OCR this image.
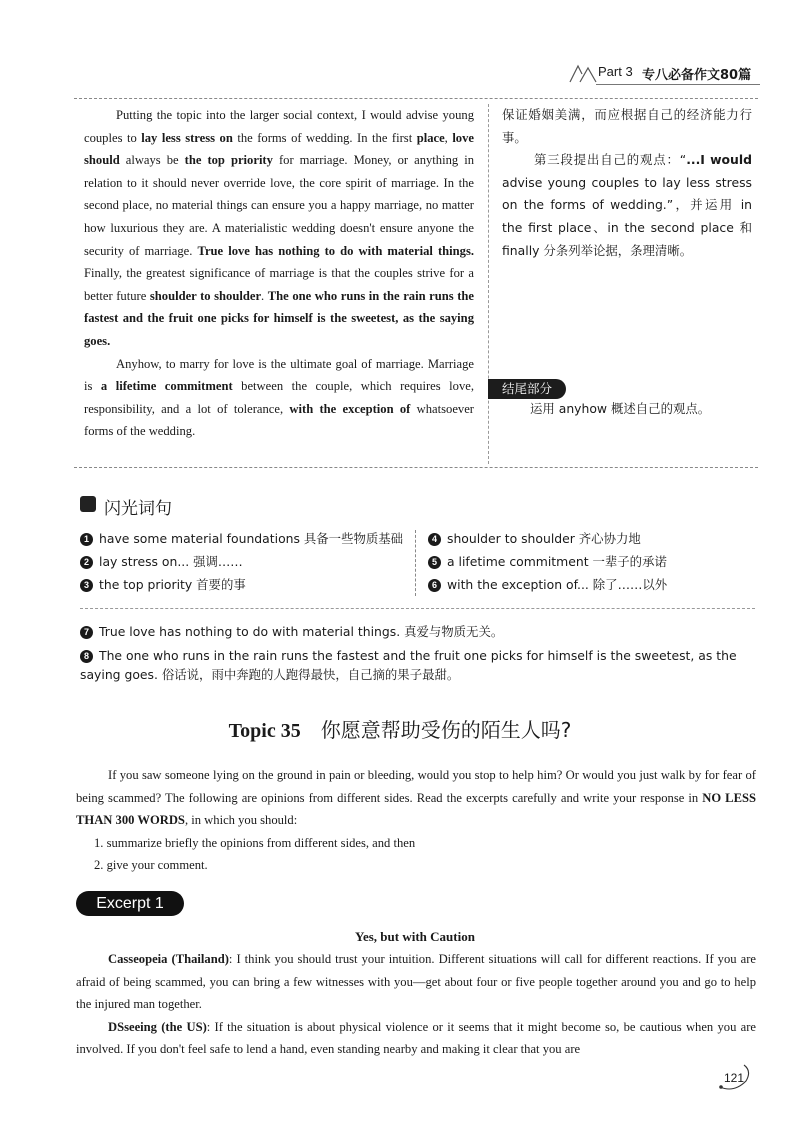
Part 3 专八必备作文80篇

Putting the topic into the larger social context, I would advise young couples to lay less stress on the forms of wedding. In the first place, love should always be the top priority for marriage. Money, or anything in relation to it should never override love, the core spirit of marriage. In the second place, no material things can ensure you a happy marriage, no matter how luxurious they are. A materialistic wedding doesn't ensure anyone the security of marriage. True love has nothing to do with material things. Finally, the greatest significance of marriage is that the couples strive for a better future shoulder to shoulder. The one who runs in the rain runs the fastest and the fruit one picks for himself is the sweetest, as the saying goes.

Anyhow, to marry for love is the ultimate goal of marriage. Marriage is a lifetime commitment between the couple, which requires love, responsibility, and a lot of tolerance, with the exception of whatsoever forms of the wedding.

保证婚姻美满，而应根据自己的经济能力行事。

第三段提出自己的观点：“...I would advise young couples to lay less stress on the forms of wedding.”，并运用 in the first place、in the second place 和 finally 分条列举论据，条理清晰。

结尾部分
运用 anyhow 概述自己的观点。
闪光词句
1 have some material foundations 具备一些物质基础
2 lay stress on... 强调……
3 the top priority 首要的事
4 shoulder to shoulder 齐心协力地
5 a lifetime commitment 一辈子的承诺
6 with the exception of... 除了……以外
7 True love has nothing to do with material things. 真爱与物质无关。
8 The one who runs in the rain runs the fastest and the fruit one picks for himself is the sweetest, as the saying goes. 俗话说，雨中奔跑的人跑得最快，自己摘的果子最甜。
Topic 35 你愿意帮助受伤的陌生人吗?

If you saw someone lying on the ground in pain or bleeding, would you stop to help him? Or would you just walk by for fear of being scammed? The following are opinions from different sides. Read the excerpts carefully and write your response in NO LESS THAN 300 WORDS, in which you should:

1. summarize briefly the opinions from different sides, and then

2. give your comment.

Excerpt 1
Yes, but with Caution

Casseopeia (Thailand): I think you should trust your intuition. Different situations will call for different reactions. If you are afraid of being scammed, you can bring a few witnesses with you—get about four or five people together around you and go to help the injured man together.

DSseeing (the US): If the situation is about physical violence or it seems that it might become so, be cautious when you are involved. If you don't feel safe to lend a hand, even standing nearby and making it clear that you are

121
